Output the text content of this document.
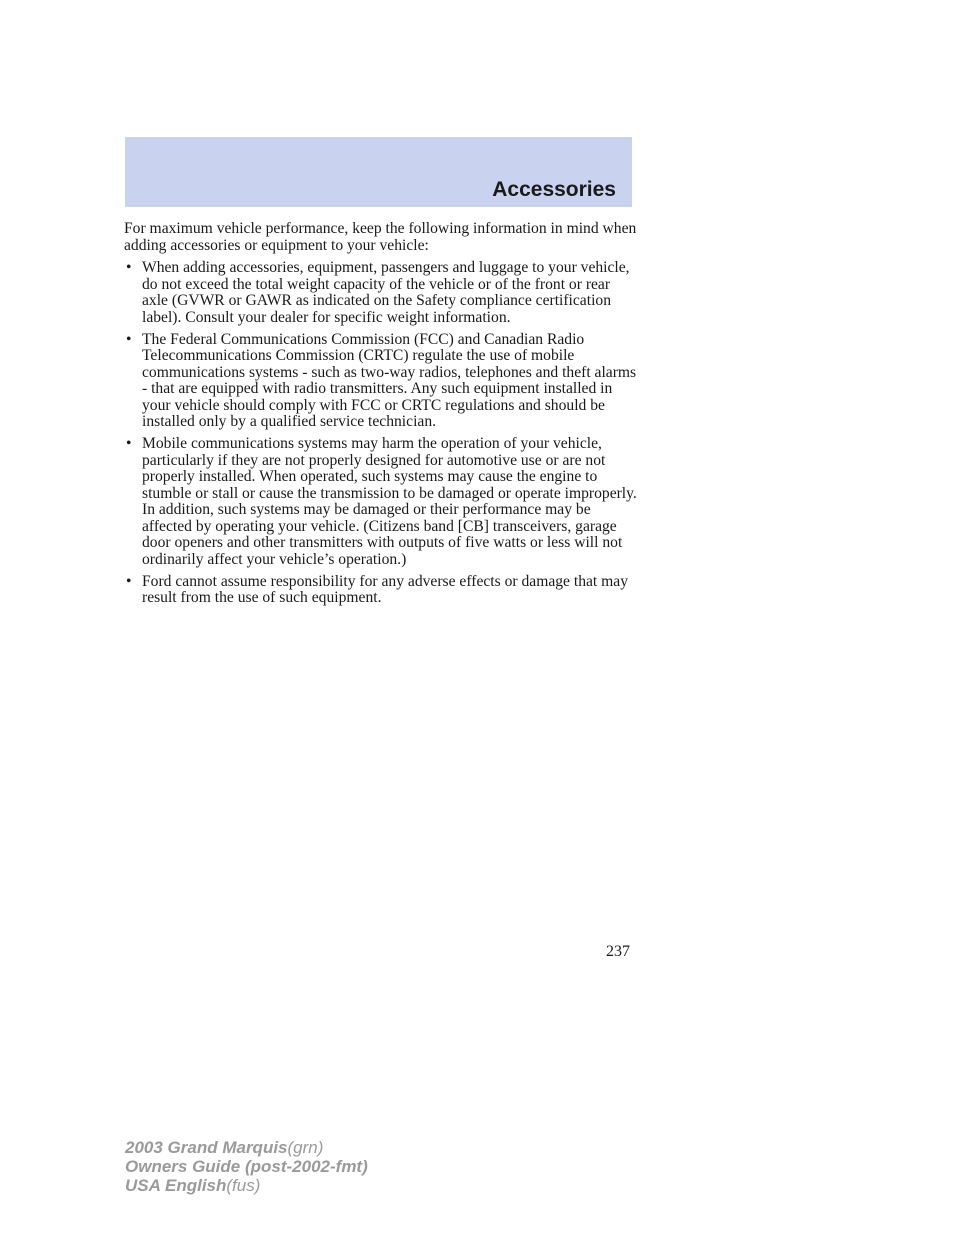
Accessories

For maximum vehicle performance, keep the following information in mind when adding accessories or equipment to your vehicle:

• When adding accessories, equipment, passengers and luggage to your vehicle, do not exceed the total weight capacity of the vehicle or of the front or rear axle (GVWR or GAWR as indicated on the Safety compliance certification label). Consult your dealer for specific weight information.
• The Federal Communications Commission (FCC) and Canadian Radio Telecommunications Commission (CRTC) regulate the use of mobile communications systems - such as two-way radios, telephones and theft alarms - that are equipped with radio transmitters. Any such equipment installed in your vehicle should comply with FCC or CRTC regulations and should be installed only by a qualified service technician.
• Mobile communications systems may harm the operation of your vehicle, particularly if they are not properly designed for automotive use or are not properly installed. When operated, such systems may cause the engine to stumble or stall or cause the transmission to be damaged or operate improperly. In addition, such systems may be damaged or their performance may be affected by operating your vehicle. (Citizens band [CB] transceivers, garage door openers and other transmitters with outputs of five watts or less will not ordinarily affect your vehicle’s operation.)
• Ford cannot assume responsibility for any adverse effects or damage that may result from the use of such equipment.
237
2003 Grand Marquis(grn)
Owners Guide (post-2002-fmt)
USA English(fus)
